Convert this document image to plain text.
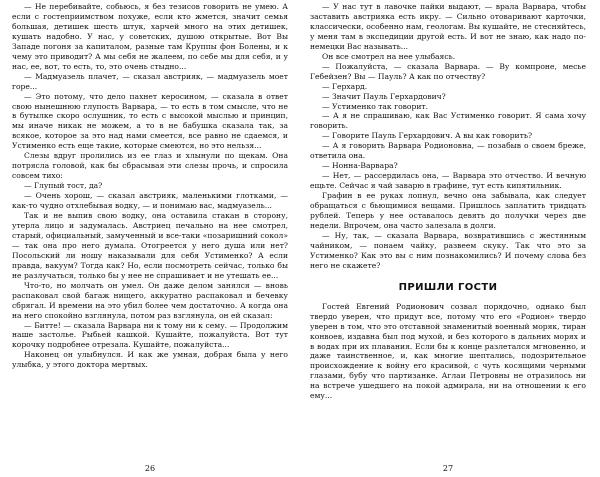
— Не перебивайте, собьюсь, я без тезисов говорить не умею. А если с гостеприимством похуже, если кто жмется, значит семья большая, детишек шесть штук, харчей много на этих детишек, кушать надобно. У нас, у советских, душою открытые. Вот Вы Западе погоня за капиталом, разные там Круппы фон Болены, и к чему это приводит? А мы себя не жалеем, по себе мы для себя, и у нас, ее, вот, то есть, то, это очень стыдно...

— Мадмуазель плачет, — сказал австрияк, — мадмуазель моет горе...

— Это потому, что дело пахнет керосином, — сказала в ответ свою нынешнюю глупость Варвара, — то есть в том смысле, что не в бутылке скоро ослушник, то есть с высокой мыслью и принцип, мы иначе никак не можем, а то в не бабушка сказала так, за всякое, которое за это над нами смеется, все равно не сдаемся, и Устименко есть еще такие, которые смеются, но это нельзя...

Слезы вдруг пролились из ее глаз и хлынули по щекам. Она потрясла головой, как бы сбрасывая эти слезы прочь, и спросила совсем тихо:

— Глупый тост, да?

— Очень хорош, — сказал австрияк, маленькими глотками, — как-то чудно отхлебывая водку, — и понимаю вас, мадмуазель...

Так и не выпив свою водку, она оставила стакан в сторону, утерла лицо и задумалась. Австриец печально на нее смотрел, старый, официальный, замученный и все-таки «позаришний сокол» — так она про него думала. Отогреется у него душа или нет? Посольский ли ношу наказывали для себя Устименко? А если правда, вакуум? Тогда как? Но, если посмотреть сейчас, только бы не разлучаться, только бы у нее не спрашивает и не утешать ее...

Что-то, но молчать он умел. Он даже делом занялся — вновь распаковал свой багаж нищего, аккуратно распаковал и бечевку сбрягал. И времени на это убил более чем достаточно. А когда она на него спокойно взглянула, потом раз взглянула, он ей сказал:

— Битте! — сказала Варвара ни к тому ни к сему. — Продолжим наше застолье. Рыбьей кашкой. Кушайте, пожалуйста. Вот тут корочку подробнее отрезала. Кушайте, пожалуйста...

Наконец он улыбнулся. И как же умная, добрая была у него улыбка, у этого доктора мертвых.

26

— У нас тут в лавочке пайки выдают, — врала Варвара, чтобы заставить австрияка есть икру. — Сильно отоваривают карточки, классически, особенно нам, геологам. Вы кушайте, не стесняйтесь, у меня там в экспедиции другой есть. И вот не знаю, как надо по-немецки Вас называть...

Он все смотрел на нее улыбаясь.

— Пожалуйста, — сказала Варвара. — Ву компроне, месье Гебейзен? Вы — Пауль? А как по отчеству?

— Герхард.

— Значит Пауль Герхардович?

— Устименко так говорит.

— А я не спрашиваю, как Вас Устименко говорит. Я сама хочу говорить.

— Говорите Пауль Герхардович. А вы как говорить?

— А я говорить Варвара Родионовна, — позабыв о своем бреже, ответила она.

— Нонна-Варвара?

— Нет, — рассердилась она, — Варвара это отчество. И вечную ещьте. Сейчас я чай заварю в графине, тут есть кипятильник.

Графин в ее руках лопнул, вечно она забывала, как следует обращаться с бьющимися вещами. Пришлось заплатить тридцать рублей. Теперь у нее оставалось девять до получки через две недели. Впрочем, она часто залезала в долги.

— Ну, так, — сказала Варвара, возвратившись с жестянным чайником, — понаем чайку, развеем скуку. Так что это за Устименко? Как это вы с ним познакомились? И почему слова без него не скажете?

ПРИШЛИ ГОСТИ

Гостей Евгений Родионович созвал порядочно, однако был твердо уверен, что придут все, потому что его «Родион» твердо уверен в том, что это отставной знаменитый военный моряк, тиран конвоев, издавна был под мухой, и без которого в дальних морях и в водах при их плавания. Если бы к конце разлетался мгновенно, и даже таинственное, и, как многие шептались, подозрительное происхождение к войну его красивой, с чуть косящими черными глазами, бубу что партизанке. Аглаи Петровны не отразилось ни на встрече ушедшего на покой адмирала, ни на отношении к его ему...

27
